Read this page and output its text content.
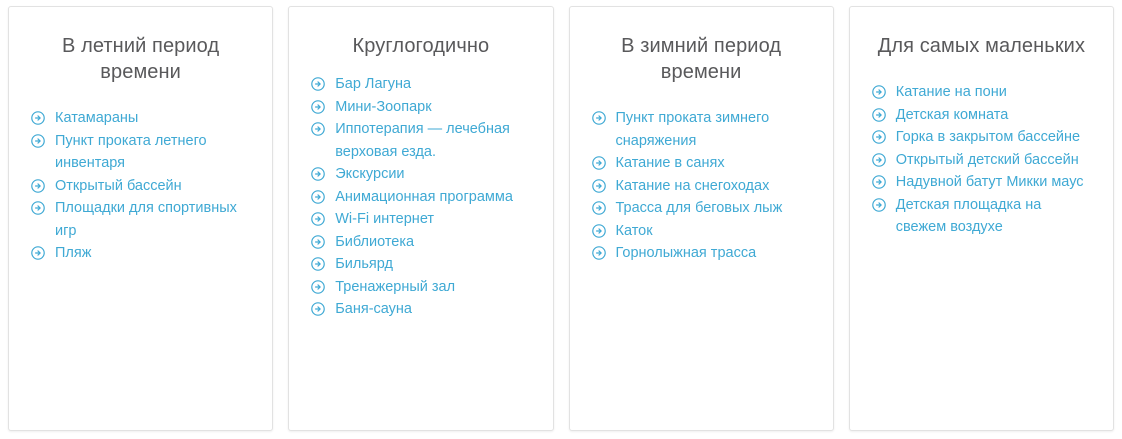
В летний период времени
Катамараны
Пункт проката летнего инвентаря
Открытый бассейн
Площадки для спортивных игр
Пляж
Круглогодично
Бар Лагуна
Мини-Зоопарк
Иппотерапия — лечебная верховая езда.
Экскурсии
Анимационная программа
Wi-Fi интернет
Библиотека
Бильярд
Тренажерный зал
Баня-сауна
В зимний период времени
Пункт проката зимнего снаряжения
Катание в санях
Катание на снегоходах
Трасса для беговых лыж
Каток
Горнолыжная трасса
Для самых маленьких
Катание на пони
Детская комната
Горка в закрытом бассейне
Открытый детский бассейн
Надувной батут Микки маус
Детская площадка на свежем воздухе
